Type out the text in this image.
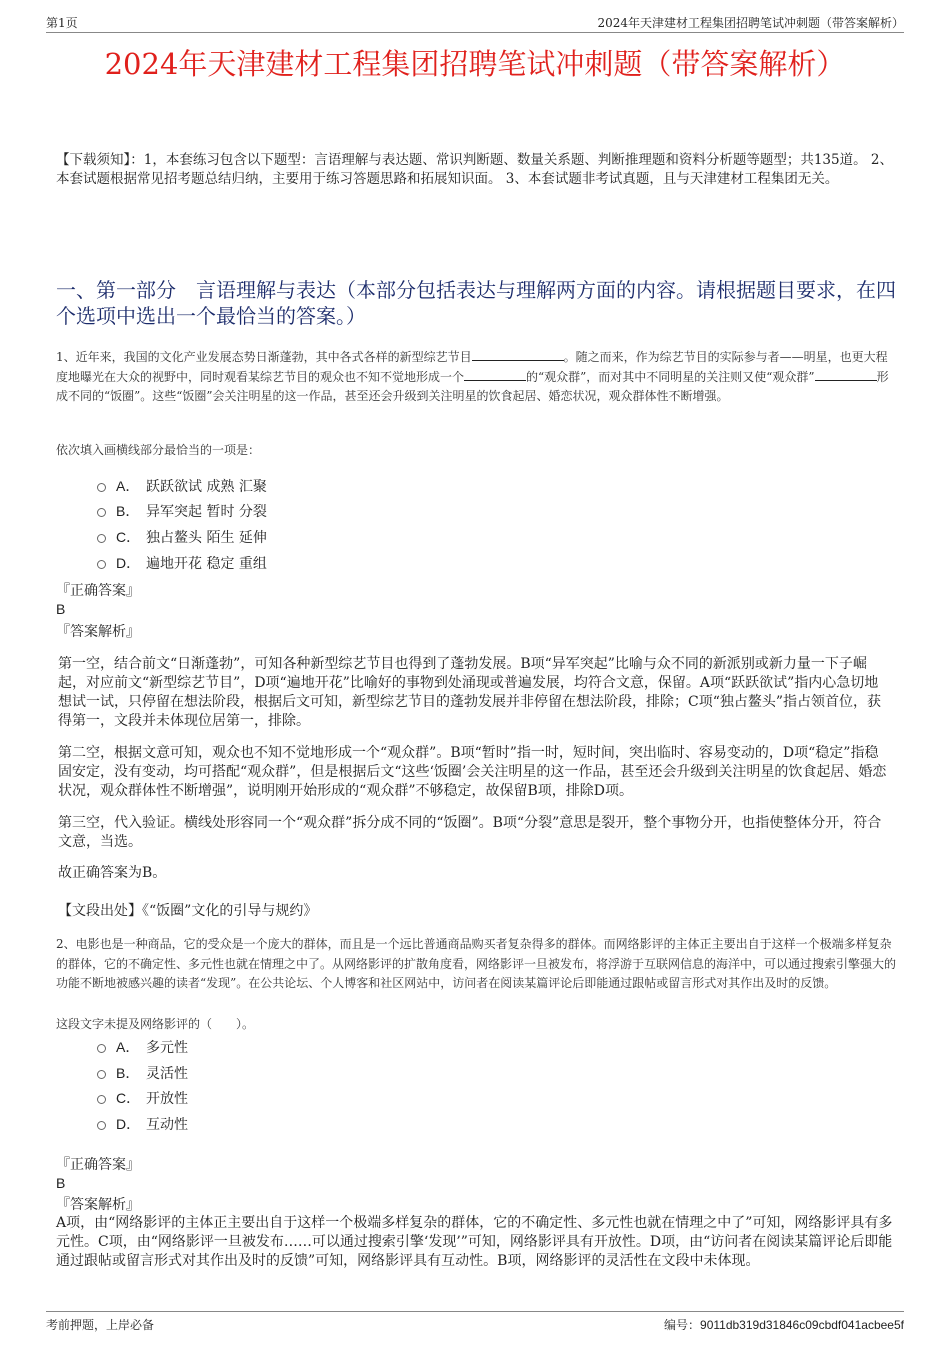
第1页	2024年天津建材工程集团招聘笔试冲刺题（带答案解析）
2024年天津建材工程集团招聘笔试冲刺题（带答案解析）
【下载须知】：1，本套练习包含以下题型：言语理解与表达题、常识判断题、数量关系题、判断推理题和资料分析题等题型；共135道。 2、本套试题根据常见招考题总结归纳，主要用于练习答题思路和拓展知识面。 3、本套试题非考试真题，且与天津建材工程集团无关。
一、第一部分　言语理解与表达（本部分包括表达与理解两方面的内容。请根据题目要求，在四个选项中选出一个最恰当的答案。）
1、近年来，我国的文化产业发展态势日渐蓬勃，其中各式各样的新型综艺节目	。随之而来，作为综艺节目的实际参与者——明星，也更大程度地曝光在大众的视野中，同时观看某综艺节目的观众也不知不觉地形成一个	的“观众群”，而对其中不同明星的关注则又使“观众群”	形成不同的“饭圈”。这些“饭圈”会关注明星的这一作品，甚至还会升级到关注明星的饮食起居、婚恋状况，观众群体性不断增强。
依次填入画横线部分最恰当的一项是：
A． 跃跃欲试 成熟 汇聚
B． 异军突起 暂时 分裂
C． 独占鳌头 陌生 延伸
D． 遍地开花 稳定 重组
『正确答案』
B
『答案解析』
第一空，结合前文“日渐蓬勃”，可知各种新型综艺节目也得到了蓬勃发展。B项“异军突起”比喻与众不同的新派别或新力量一下子崛起，对应前文“新型综艺节目”，D项“遍地开花”比喻好的事物到处涌现或普遍发展，均符合文意，保留。A项“跃跃欲试”指内心急切地想试一试，只停留在想法阶段，根据后文可知，新型综艺节目的蓬勃发展并非停留在想法阶段，排除；C项“独占鳌头”指占领首位，获得第一，文段并未体现位居第一，排除。
第二空，根据文意可知，观众也不知不觉地形成一个“观众群”。B项“暂时”指一时，短时间，突出临时、容易变动的，D项“稳定”指稳固安定，没有变动，均可搭配“观众群”，但是根据后文“这些‘饭圈’会关注明星的这一作品，甚至还会升级到关注明星的饮食起居、婚恋状况，观众群体性不断增强”，说明刚开始形成的“观众群”不够稳定，故保留B项，排除D项。
第三空，代入验证。横线处形容同一个“观众群”拆分成不同的“饭圈”。B项“分裂”意思是裂开，整个事物分开，也指使整体分开，符合文意，当选。
故正确答案为B。
【文段出处】《“饭圈”文化的引导与规约》
2、电影也是一种商品，它的受众是一个庞大的群体，而且是一个远比普通商品购买者复杂得多的群体。而网络影评的主体正主要出自于这样一个极端多样复杂的群体，它的不确定性、多元性也就在情理之中了。从网络影评的扩散角度看，网络影评一旦被发布，将浮游于互联网信息的海洋中，可以通过搜索引擎强大的功能不断地被感兴趣的读者“发现”。在公共论坛、个人博客和社区网站中，访问者在阅读某篇评论后即能通过跟帖或留言形式对其作出及时的反馈。
这段文字未提及网络影评的（　　）。
A． 多元性
B． 灵活性
C． 开放性
D． 互动性
『正确答案』
B
『答案解析』
A项，由“网络影评的主体正主要出自于这样一个极端多样复杂的群体，它的不确定性、多元性也就在情理之中了”可知，网络影评具有多元性。C项，由“网络影评一旦被发布……可以通过搜索引擎‘发现’”可知，网络影评具有开放性。D项，由“访问者在阅读某篇评论后即能通过跟帖或留言形式对其作出及时的反馈”可知，网络影评具有互动性。B项，网络影评的灵活性在文段中未体现。
考前押题，上岸必备	编号：9011db319d31846c09cbdf041acbee5f
